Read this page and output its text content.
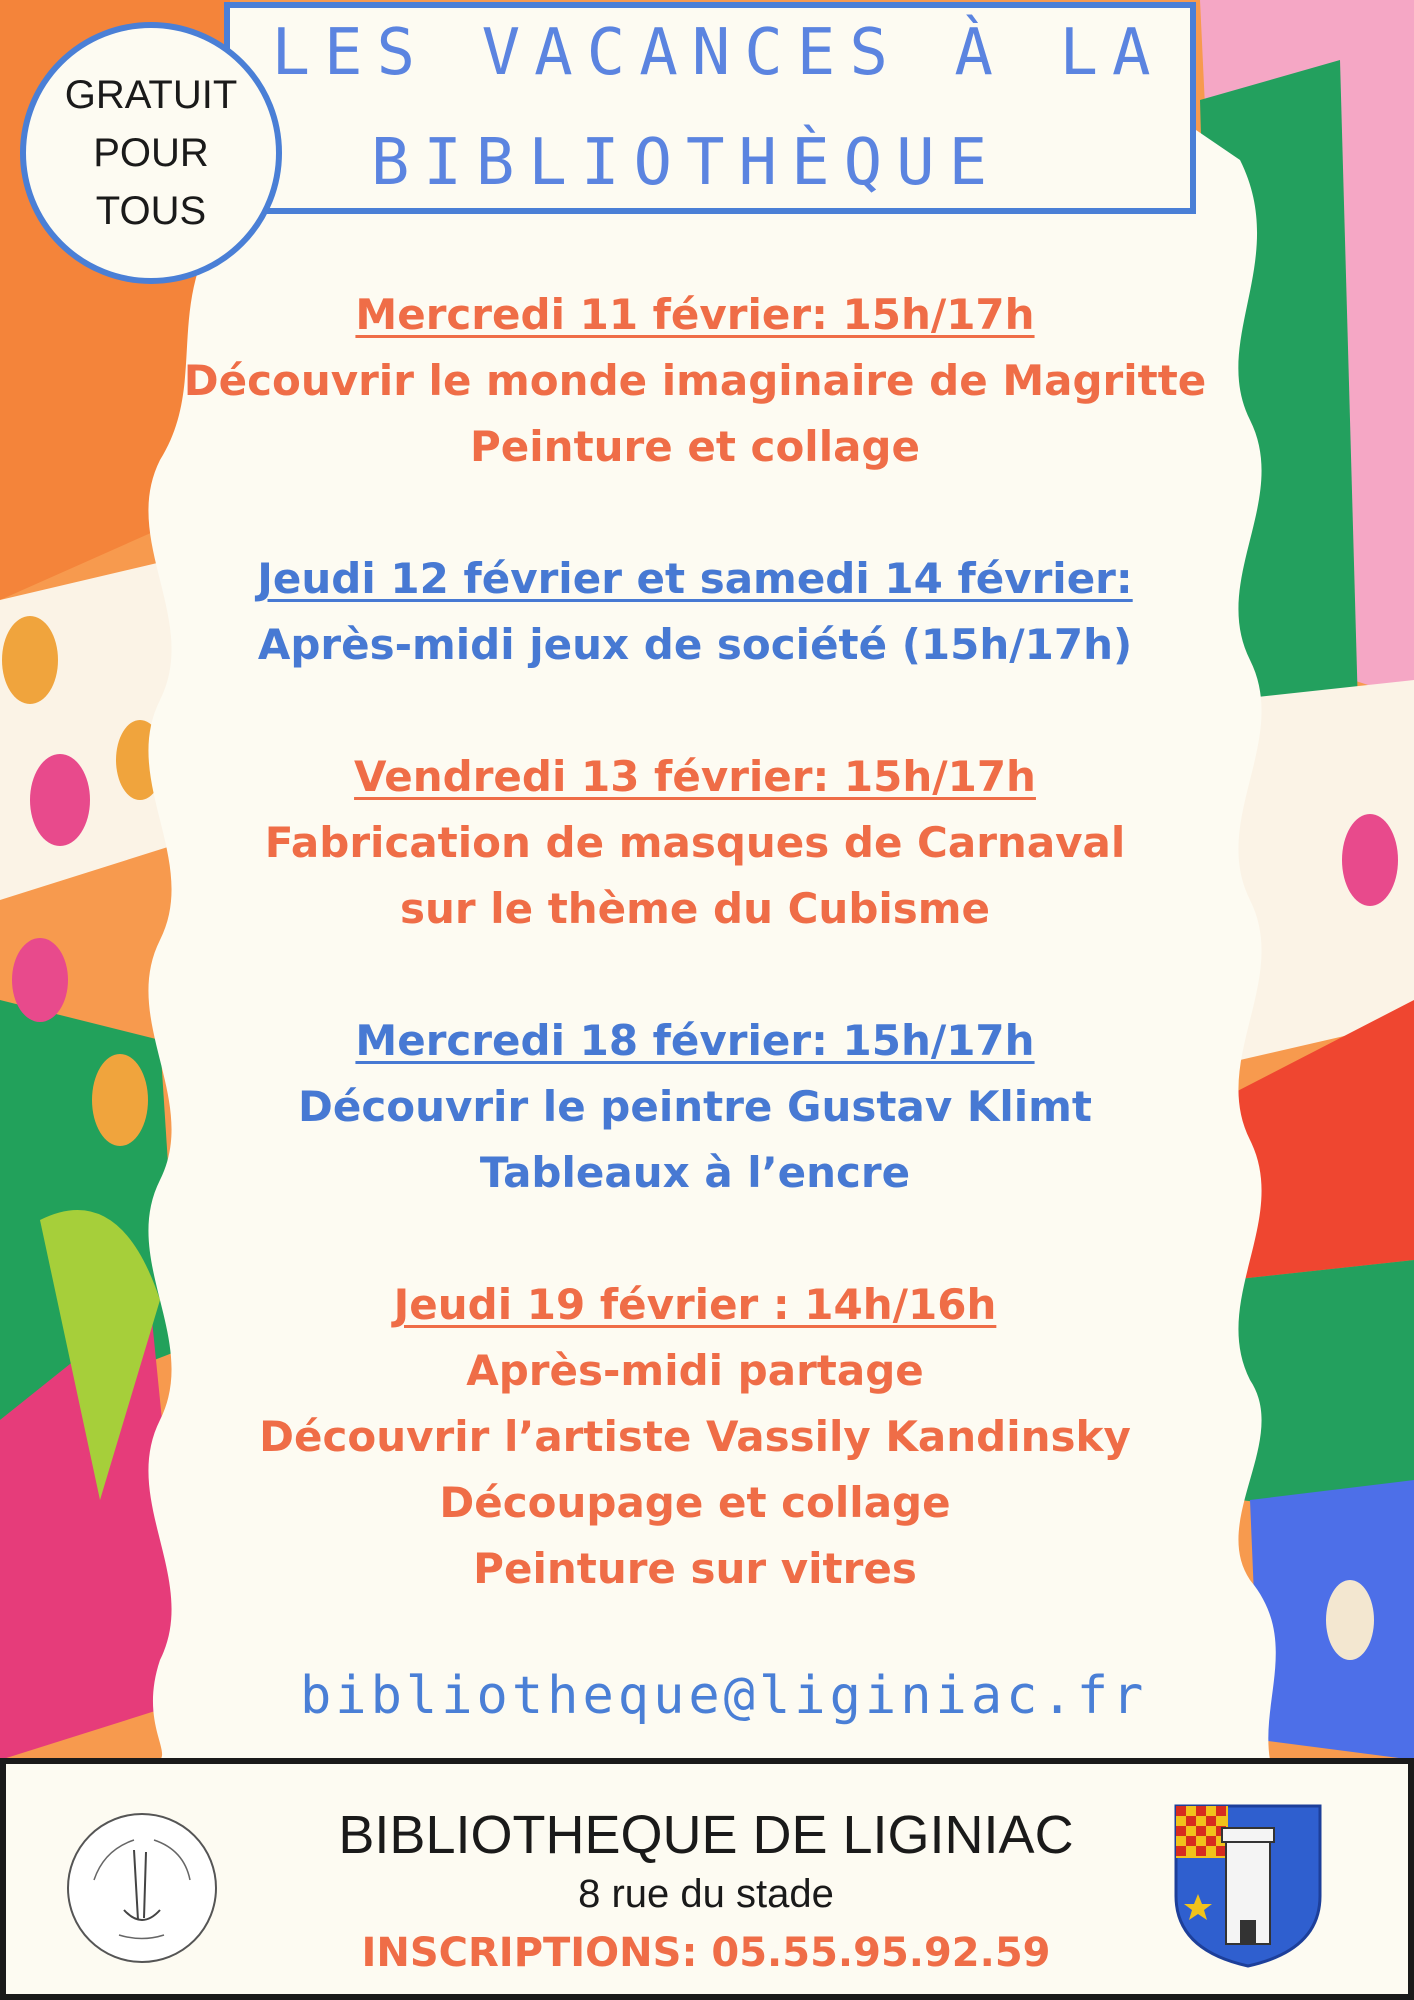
LES VACANCES À LA
BIBLIOTHÈQUE
GRATUIT
POUR
TOUS
Mercredi 11 février: 15h/17h
Découvrir le monde imaginaire de Magritte
Peinture et collage
Jeudi 12 février et samedi 14 février:
Après-midi jeux de société (15h/17h)
Vendredi 13 février: 15h/17h
Fabrication de masques de Carnaval
sur le thème du Cubisme
Mercredi 18 février: 15h/17h
Découvrir le peintre Gustav Klimt
Tableaux à l’encre
Jeudi 19 février : 14h/16h
Après-midi partage
Découvrir l’artiste Vassily Kandinsky
Découpage et collage
Peinture sur vitres
bibliotheque@liginiac.fr
BIBLIOTHEQUE DE LIGINIAC
8 rue du stade
INSCRIPTIONS: 05.55.95.92.59
